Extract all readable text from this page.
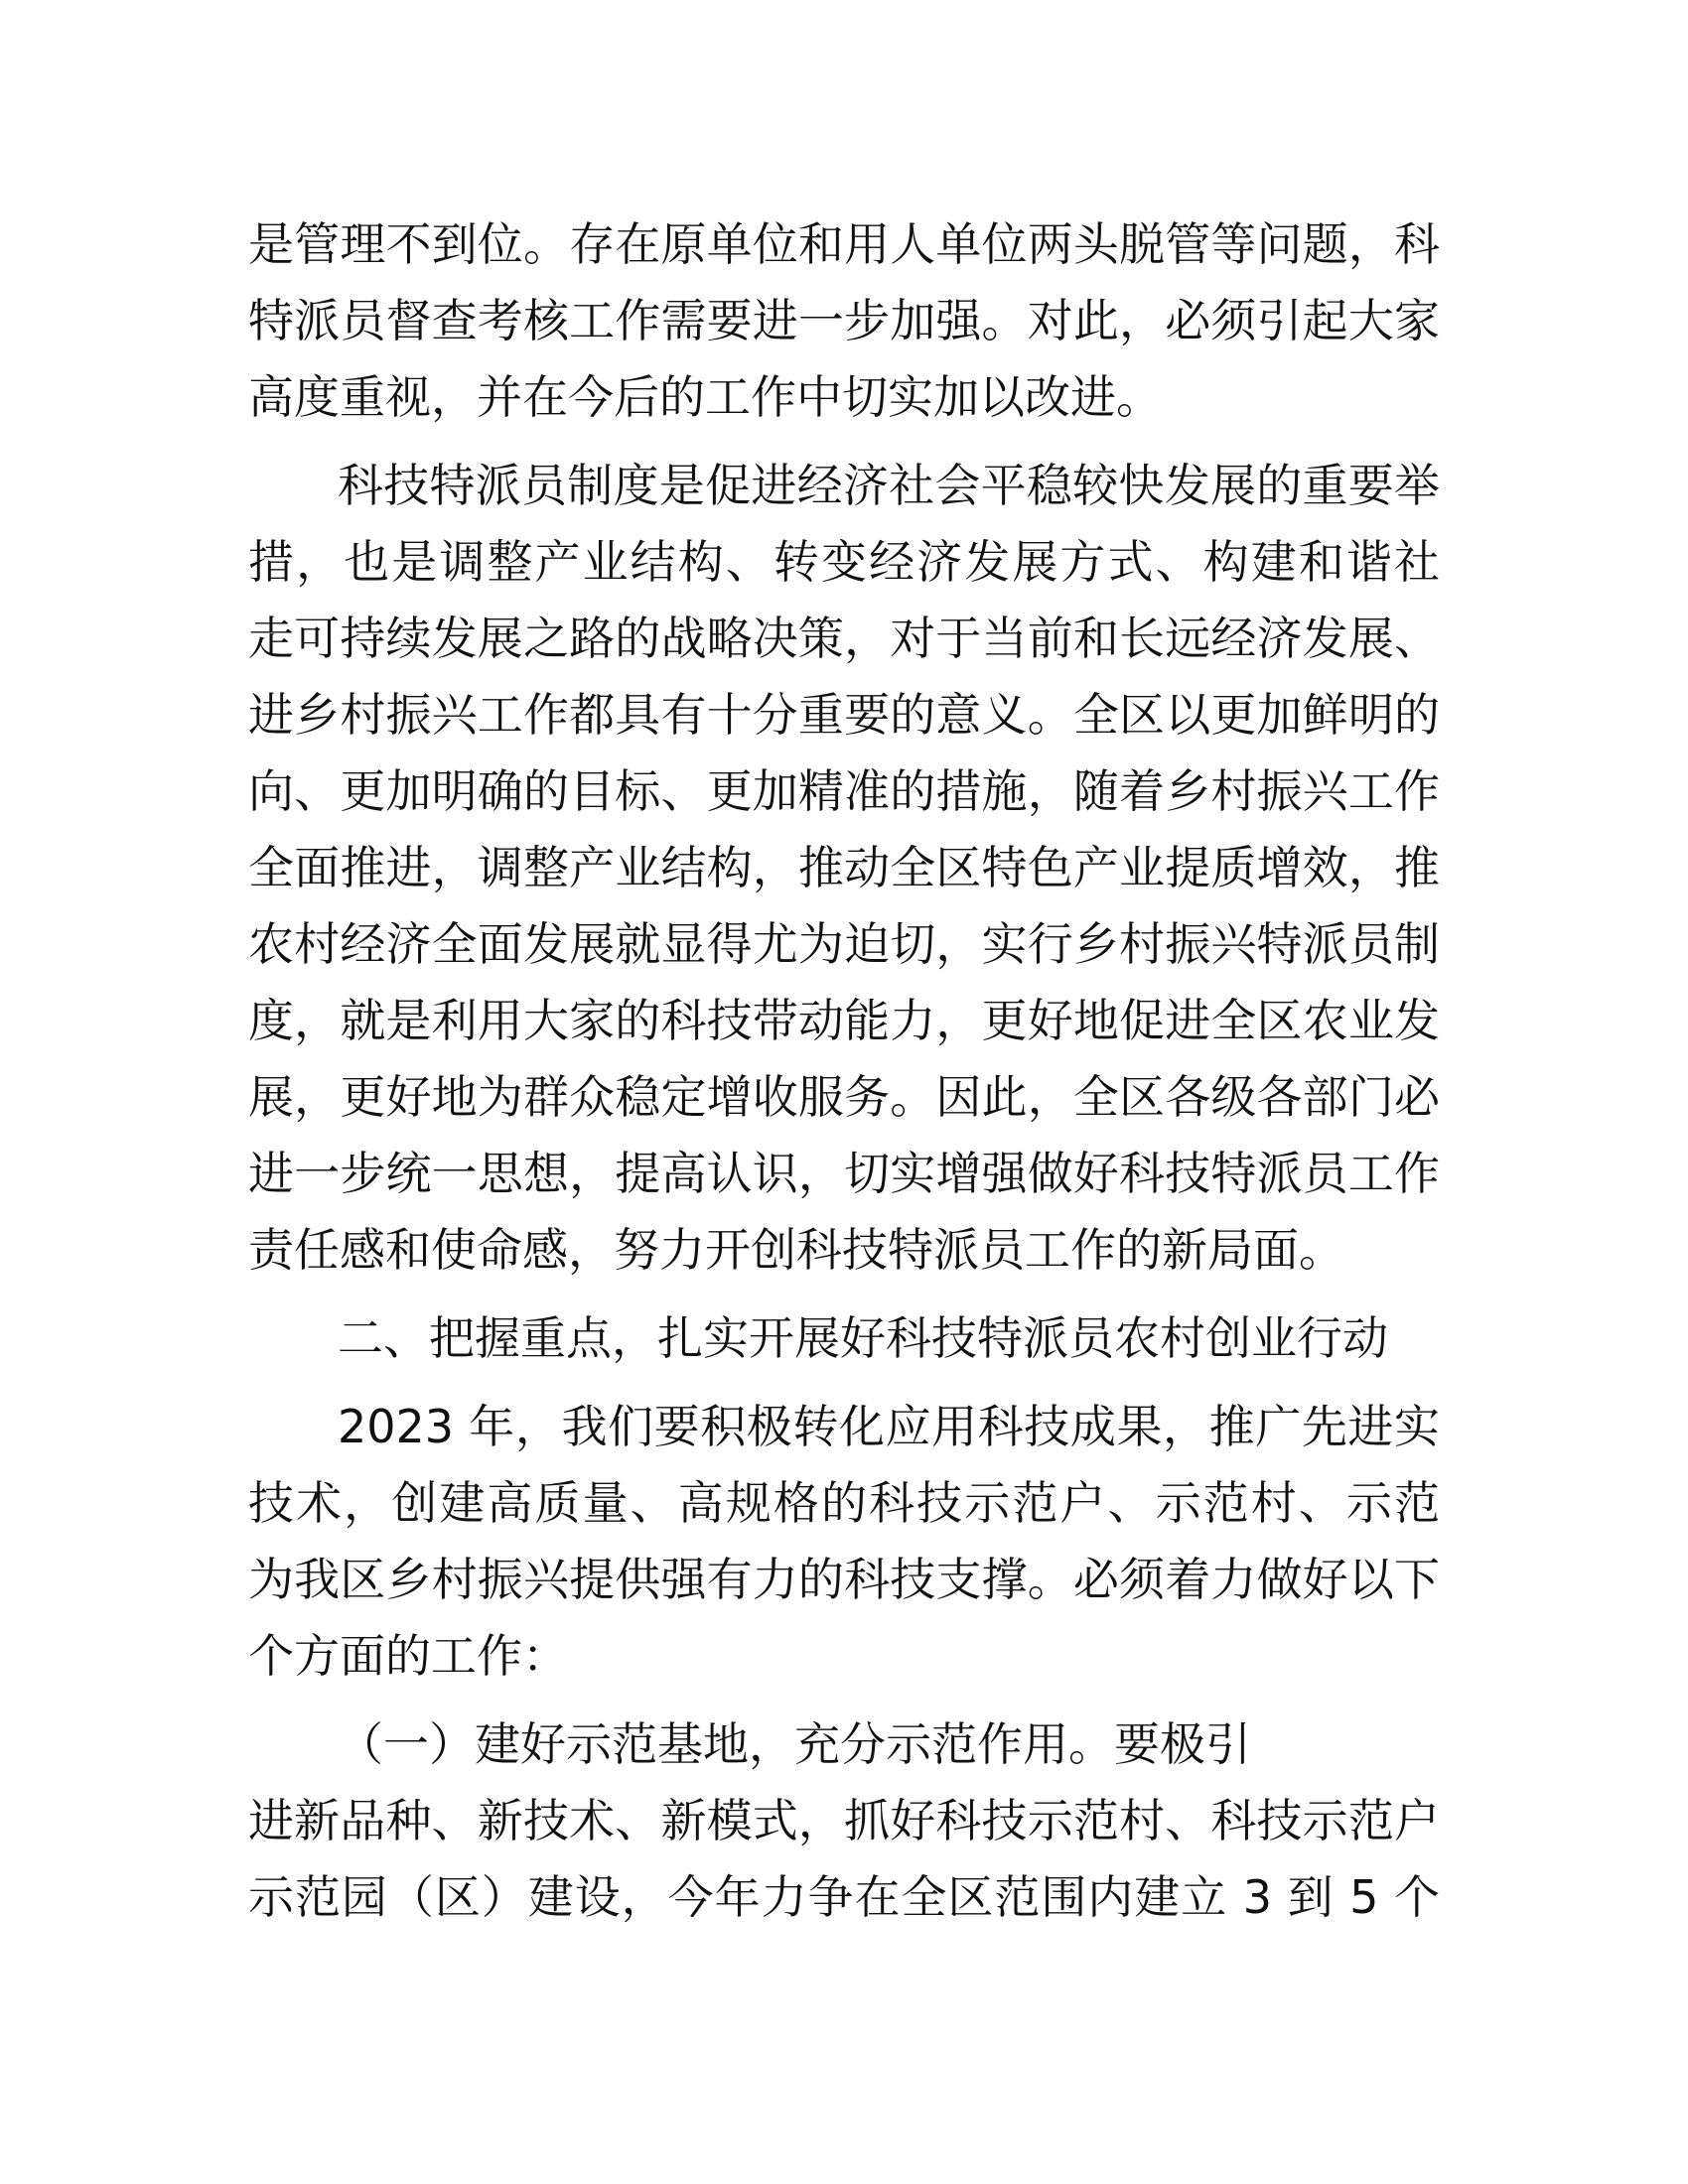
是管理不到位。存在原单位和用人单位两头脱管等问题，科
特派员督查考核工作需要进一步加强。对此，必须引起大家
高度重视，并在今后的工作中切实加以改进。
科技特派员制度是促进经济社会平稳较快发展的重要举
措，也是调整产业结构、转变经济发展方式、构建和谐社
走可持续发展之路的战略决策，对于当前和长远经济发展、
进乡村振兴工作都具有十分重要的意义。全区以更加鲜明的
向、更加明确的目标、更加精准的措施，随着乡村振兴工作
全面推进，调整产业结构，推动全区特色产业提质增效，推
农村经济全面发展就显得尤为迫切，实行乡村振兴特派员制
度，就是利用大家的科技带动能力，更好地促进全区农业发
展，更好地为群众稳定增收服务。因此，全区各级各部门必
进一步统一思想，提高认识，切实增强做好科技特派员工作
责任感和使命感，努力开创科技特派员工作的新局面。
二、把握重点，扎实开展好科技特派员农村创业行动
2023 年，我们要积极转化应用科技成果，推广先进实
技术，创建高质量、高规格的科技示范户、示范村、示范
为我区乡村振兴提供强有力的科技支撑。必须着力做好以下
个方面的工作：
（一）建好示范基地，充分示范作用。要极引
进新品种、新技术、新模式，抓好科技示范村、科技示范户
示范园（区）建设，今年力争在全区范围内建立 3 到 5 个
